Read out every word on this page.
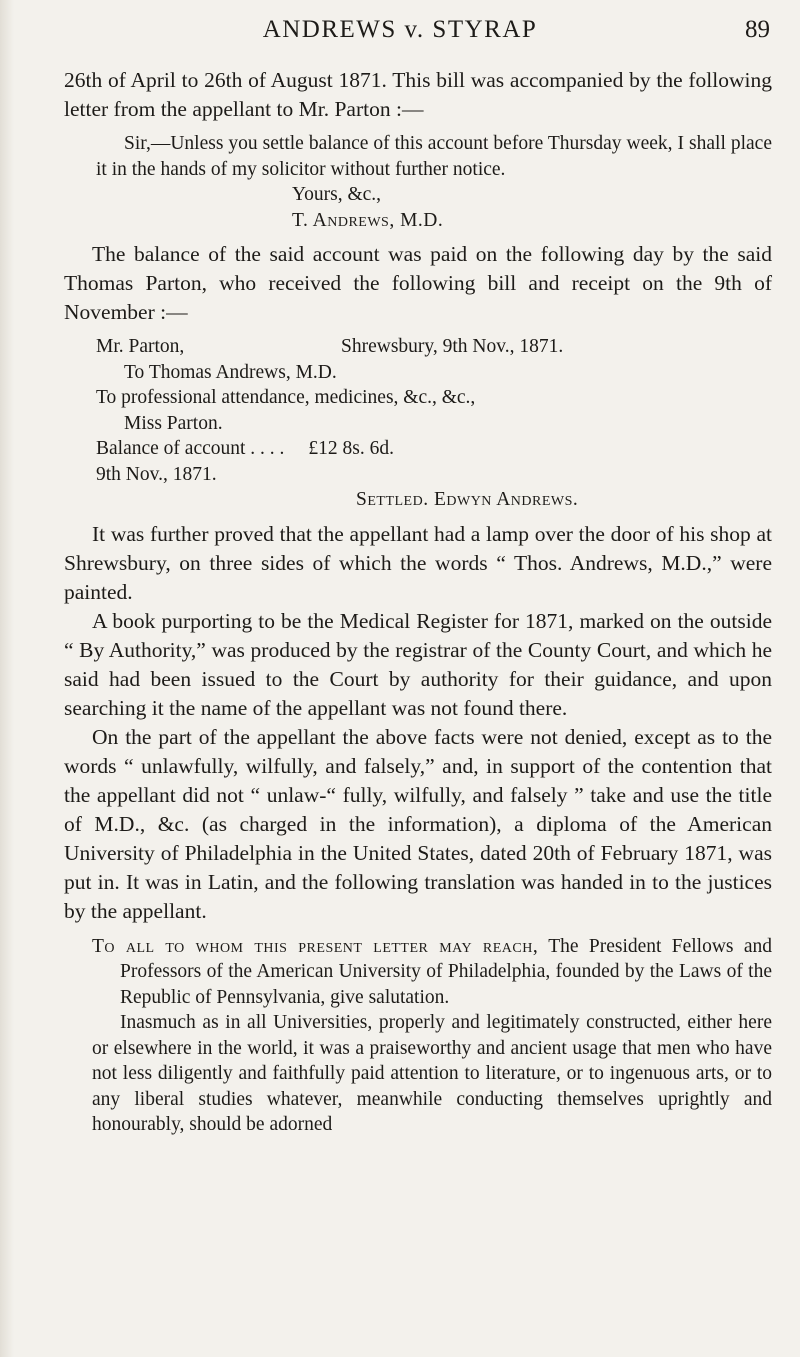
ANDREWS v. STYRAP	89

26th of April to 26th of August 1871. This bill was accompanied by the following letter from the appellant to Mr. Parton :—

Sir,—Unless you settle balance of this account before Thursday week, I shall place it in the hands of my solicitor without further notice.

Yours, &c.,

T. Andrews, M.D.

The balance of the said account was paid on the following day by the said Thomas Parton, who received the following bill and receipt on the 9th of November :—

Mr. Parton,	Shrewsbury, 9th Nov., 1871.
To Thomas Andrews, M.D.
To professional attendance, medicines, &c., &c.,
Miss Parton.
Balance of account . . . .	£12 8s. 6d.
9th Nov., 1871.
Settled. Edwyn Andrews.

It was further proved that the appellant had a lamp over the door of his shop at Shrewsbury, on three sides of which the words “ Thos. Andrews, M.D.,” were painted.

A book purporting to be the Medical Register for 1871, marked on the outside “ By Authority,” was produced by the registrar of the County Court, and which he said had been issued to the Court by authority for their guidance, and upon searching it the name of the appellant was not found there.

On the part of the appellant the above facts were not denied, except as to the words “ unlawfully, wilfully, and falsely,” and, in support of the contention that the appellant did not “ unlaw-“ fully, wilfully, and falsely ” take and use the title of M.D., &c. (as charged in the information), a diploma of the American University of Philadelphia in the United States, dated 20th of February 1871, was put in. It was in Latin, and the following translation was handed in to the justices by the appellant.

To all to whom this present letter may reach, The President Fellows and Professors of the American University of Philadelphia, founded by the Laws of the Republic of Pennsylvania, give salutation.

Inasmuch as in all Universities, properly and legitimately constructed, either here or elsewhere in the world, it was a praiseworthy and ancient usage that men who have not less diligently and faithfully paid attention to literature, or to ingenuous arts, or to any liberal studies whatever, meanwhile conducting themselves uprightly and honourably, should be adorned
